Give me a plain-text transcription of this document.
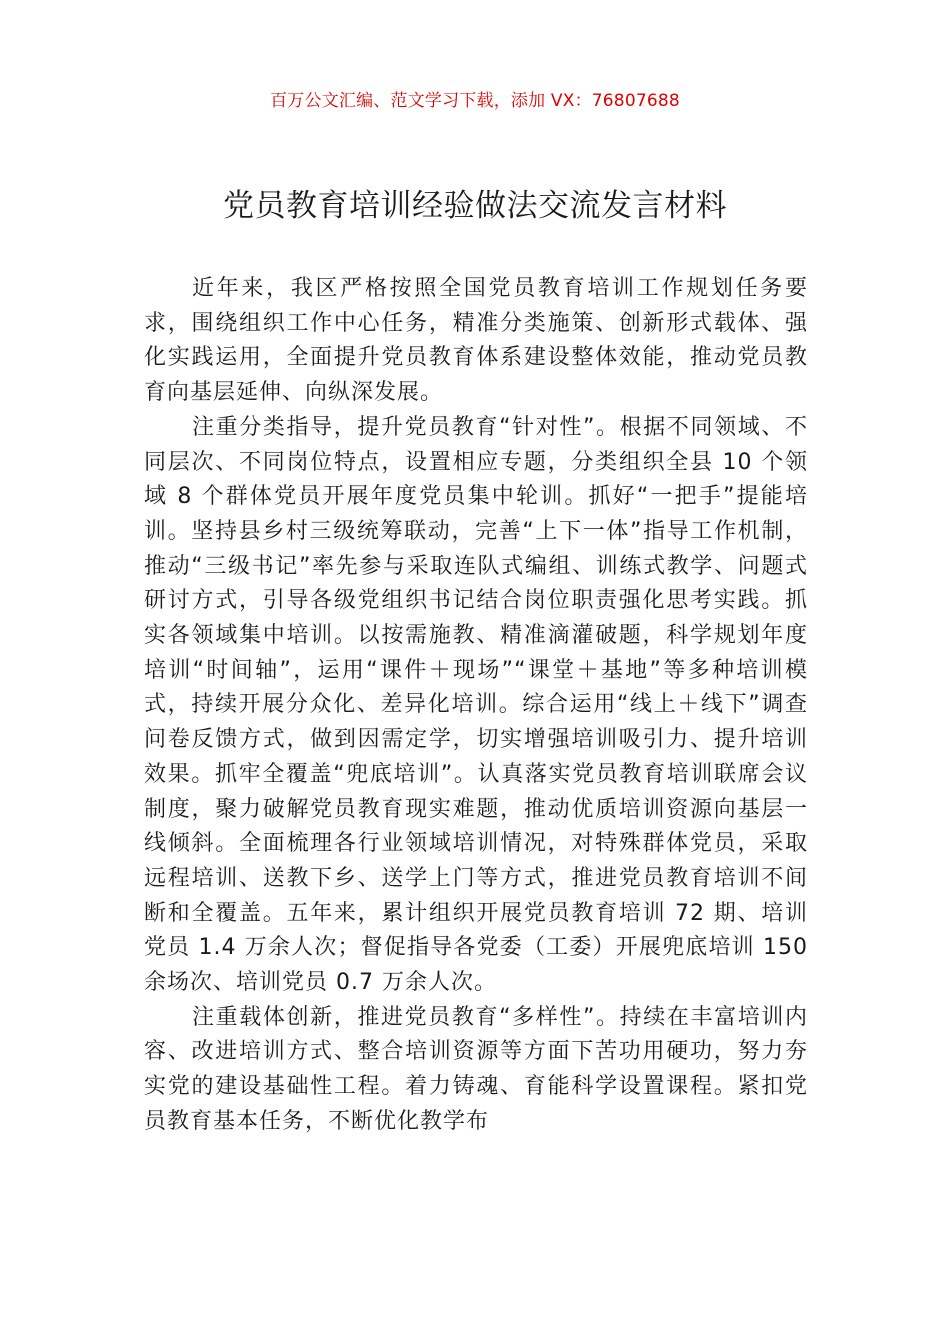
百万公文汇编、范文学习下载，添加 VX：76807688
党员教育培训经验做法交流发言材料

近年来，我区严格按照全国党员教育培训工作规划任务要求，围绕组织工作中心任务，精准分类施策、创新形式载体、强化实践运用，全面提升党员教育体系建设整体效能，推动党员教育向基层延伸、向纵深发展。

注重分类指导，提升党员教育“针对性”。根据不同领域、不同层次、不同岗位特点，设置相应专题，分类组织全县 10 个领域 8 个群体党员开展年度党员集中轮训。抓好“一把手”提能培训。坚持县乡村三级统筹联动，完善“上下一体”指导工作机制，推动“三级书记”率先参与采取连队式编组、训练式教学、问题式研讨方式，引导各级党组织书记结合岗位职责强化思考实践。抓实各领域集中培训。以按需施教、精准滴灌破题，科学规划年度培训“时间轴”，运用“课件＋现场”“课堂＋基地”等多种培训模式，持续开展分众化、差异化培训。综合运用“线上＋线下”调查问卷反馈方式，做到因需定学，切实增强培训吸引力、提升培训效果。抓牢全覆盖“兜底培训”。认真落实党员教育培训联席会议制度，聚力破解党员教育现实难题，推动优质培训资源向基层一线倾斜。全面梳理各行业领域培训情况，对特殊群体党员，采取远程培训、送教下乡、送学上门等方式，推进党员教育培训不间断和全覆盖。五年来，累计组织开展党员教育培训 72 期、培训党员 1.4 万余人次；督促指导各党委（工委）开展兜底培训 150 余场次、培训党员 0.7 万余人次。

注重载体创新，推进党员教育“多样性”。持续在丰富培训内容、改进培训方式、整合培训资源等方面下苦功用硬功，努力夯实党的建设基础性工程。着力铸魂、育能科学设置课程。紧扣党员教育基本任务，不断优化教学布
